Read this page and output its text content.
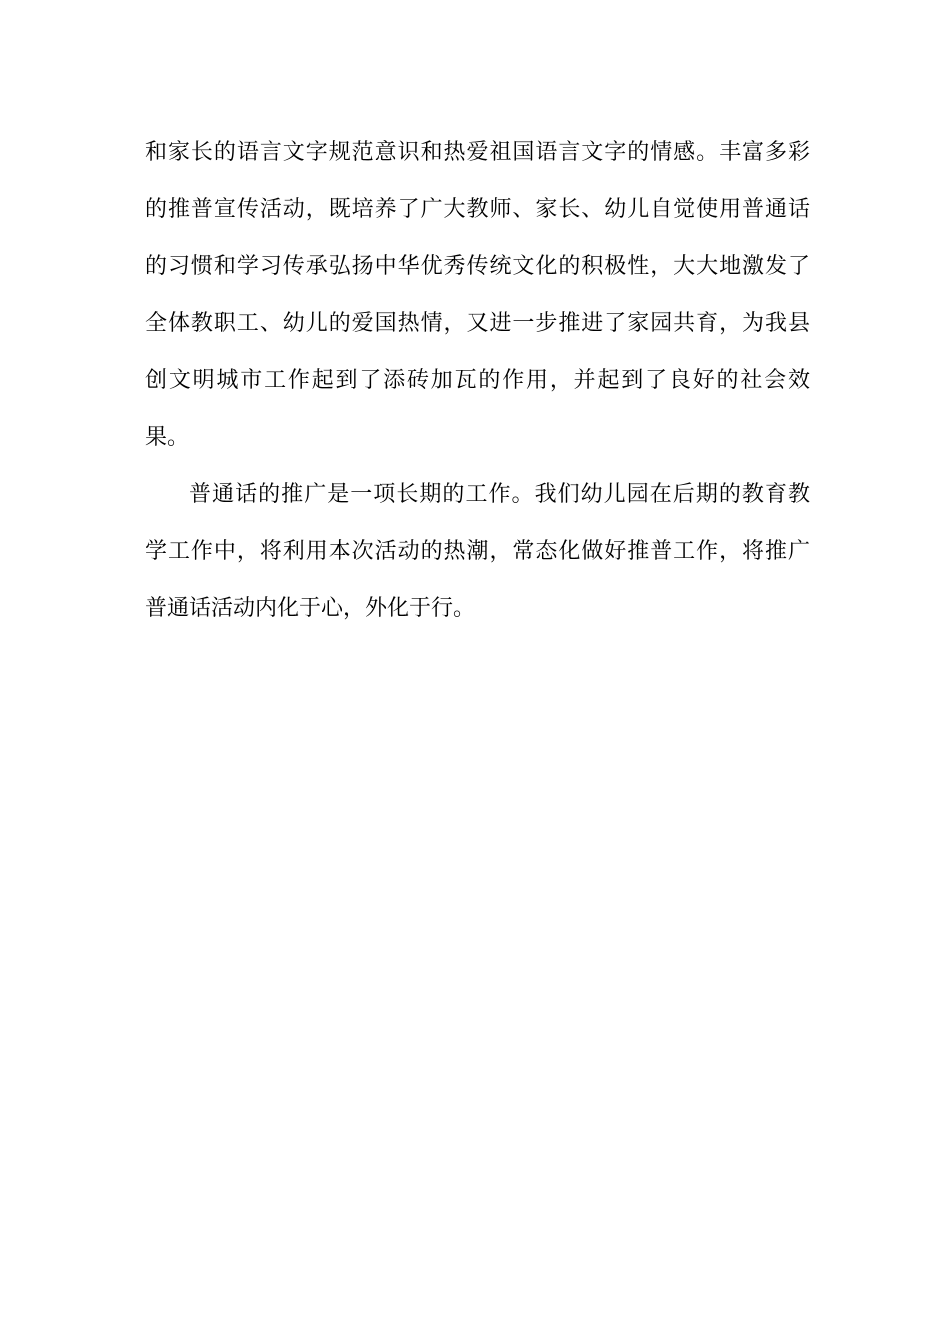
和家长的语言文字规范意识和热爱祖国语言文字的情感。丰富多彩
的推普宣传活动，既培养了广大教师、家长、幼儿自觉使用普通话
的习惯和学习传承弘扬中华优秀传统文化的积极性，大大地激发了
全体教职工、幼儿的爱国热情，又进一步推进了家园共育，为我县
创文明城市工作起到了添砖加瓦的作用，并起到了良好的社会效
果。
普通话的推广是一项长期的工作。我们幼儿园在后期的教育教
学工作中，将利用本次活动的热潮，常态化做好推普工作，将推广
普通话活动内化于心，外化于行。
